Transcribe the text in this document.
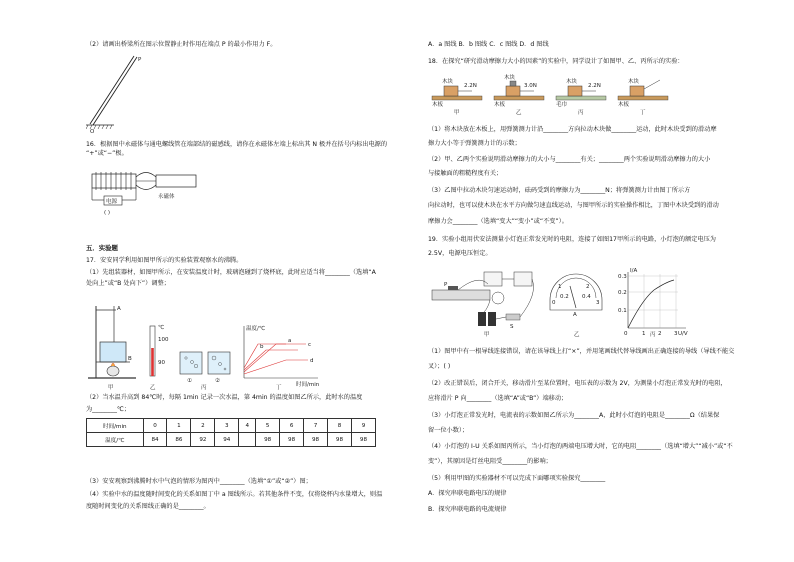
（2）请画出桥梁所在图示位置静止时作用在端点 P 的最小作用力 F。
P
O
16．根据图中永磁体与通电螺线管在端部结的磁感线，请你在永磁体左端上标出其 N 极并在括号内标出电源的
“+”或“−”极。
永磁体
电源
( )
五．实验题
17．安安同学利用如图甲所示的实验装置观察水的沸腾。
（1）先组装器材，如图甲所示，在安装温度计时，玻璃泡碰到了烧杯底，此时应适当将________（选填“A
处向上”或“B 处向下”）调整；
A
B
甲
℃
100
90
乙
①	②
丙
温度/℃
时间/min
a
b	c
d
丁
（2）当水温升高到 84℃时，每隔 1min 记录一次水温，第 4min 的温度如图乙所示，此时水的温度
为________℃；
时间/min	0	1	2	3	4	5	6	7	8	9
温度/℃	84	86	92	94		98	98	98	98	98
（3）安安观察到沸腾时水中气泡的情形为图丙中________（选填“①”或“②”）图；
（4）实验中水的温度随时间变化的关系如图丁中 a 图线所示。若其他条件不变，仅将烧杯内水量增大，则温
度随时间变化的关系图线正确的是________。
A．a 图线 B．b 图线 C．c 图线 D．d 图线
18．在探究“研究滑动摩擦力大小的因素”的实验中，同学设计了如图甲、乙、丙所示的实验：
木块
2.2N
木板
甲
木块
3.0N
木板
乙
木块
2.2N
毛巾
丙
木块
木板
丁
（1）将木块放在木板上，用弹簧测力计沿________方向拉动木块做________运动，此时木块受到的滑动摩
擦力大小等于弹簧测力计的示数；
（2）甲、乙两个实验说明滑动摩擦力的大小与________有关；________两个实验说明滑动摩擦力的大小
与接触面的粗糙程度有关；
（3）乙图中拉动木块匀速运动时，砝码受到的摩擦力为________N；将弹簧测力计由图丁所示方
向拉动时，也可以使木块在水平方向做匀速直线运动，与图甲所示的实验操作相比，丁图中木块受到的滑动
摩擦力会________（选填“变大”“变小”或“不变”）。
19．实验小组用伏安法测量小灯泡正常发光时的电阻，连接了如图17甲所示的电路，小灯泡的额定电压为
2.5V，电源电压恒定。
P
S
甲
0
1	2
3
0.2 0.4
A
乙
I/A
U/V
0.3
0.2
0.1
0	1 2 3
丙
（1）图甲中有一根导线连接错误，请在该导线上打“×”，并用笔画线代替导线画出正确连接的导线（导线不能交
叉）；( )
（2）改正错误后，闭合开关，移动滑片至某位置时，电压表的示数为 2V，为测量小灯泡正常发光时的电阻，
应将滑片 P 向________（选填“A”或“B”）端移动；
（3）小灯泡正常发光时，电流表的示数如图乙所示为________A，此时小灯泡的电阻是________Ω（结果保
留一位小数）；
（4）小灯泡的 I-U 关系如图丙所示，当小灯泡的两端电压增大时，它的电阻________（选填“增大”“减小”或“不
变”），其原因是灯丝电阻受________的影响；
（5）利用甲图的实验器材不可以完成下面哪项实验探究________
A．探究串联电路电压的规律
B．探究串联电路的电流规律
